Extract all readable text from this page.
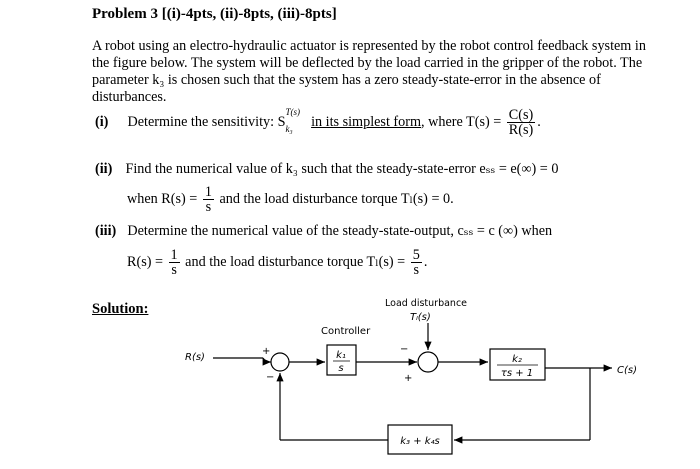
Problem 3 [(i)-4pts, (ii)-8pts, (iii)-8pts]
A robot using an electro-hydraulic actuator is represented by the robot control feedback system in the figure below. The system will be deflected by the load carried in the gripper of the robot. The parameter k₃ is chosen such that the system has a zero steady-state-error in the absence of disturbances.
(i) Determine the sensitivity: S
T(s)
k₃ in its simplest form, where $T(s) = \frac{C(s)}{R(s)}$ .
(ii) Find the numerical value of k₃ such that the steady-state-error eₛₛ = e(∞) = 0
when $R(s) = \frac{1}{s}$ and the load disturbance torque Tₗ(s) = 0.
(iii) Determine the numerical value of the steady-state-output, cₛₛ = c (∞) when
$R(s) = \frac{1}{s}$ and the load disturbance torque $T_l(s) = \frac{5}{s}$ .
Solution:	Load disturbance
Tₗ(s)
Controller
R(s)
C(s)
+
−
k₁
s
−
+
k₂
τs + 1
k₃ + k₄s
